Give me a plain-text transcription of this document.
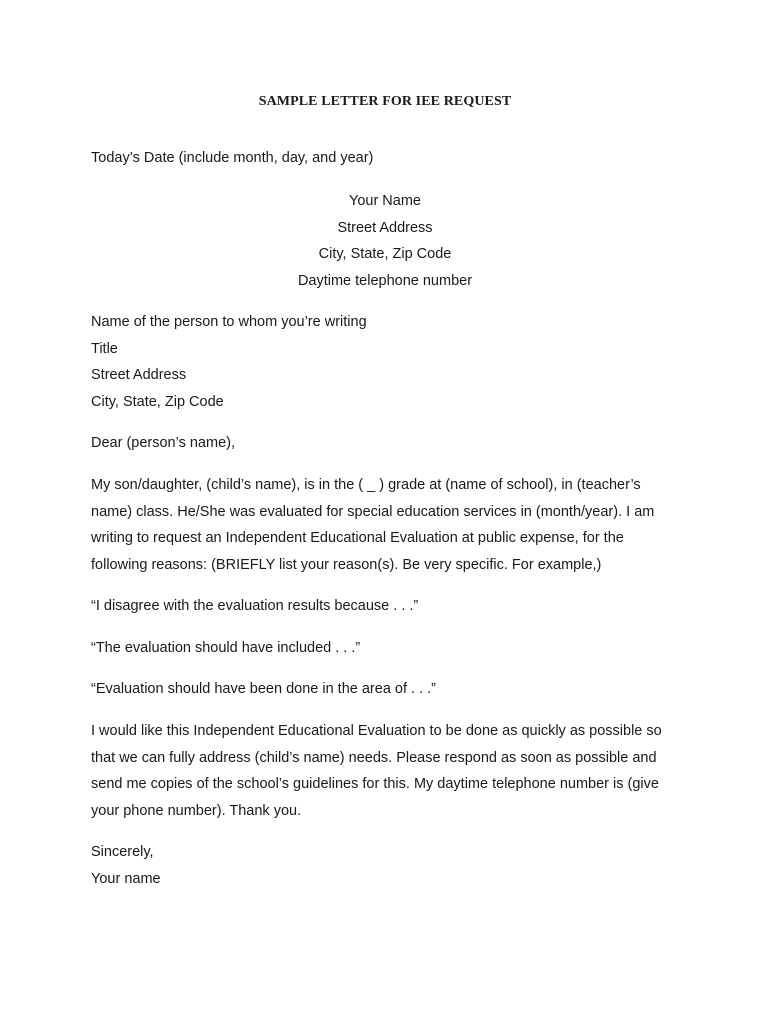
SAMPLE LETTER FOR IEE REQUEST

Today’s Date (include month, day, and year)

Your Name
Street Address
City, State, Zip Code
Daytime telephone number
Name of the person to whom you’re writing
Title
Street Address
City, State, Zip Code

Dear (person’s name),

My son/daughter, (child’s name), is in the ( _ ) grade at (name of school), in (teacher’s
name) class. He/She was evaluated for special education services in (month/year). I am
writing to request an Independent Educational Evaluation at public expense, for the
following reasons: (BRIEFLY list your reason(s). Be very specific. For example,)

“I disagree with the evaluation results because . . .”

“The evaluation should have included . . .”

“Evaluation should have been done in the area of . . .”

I would like this Independent Educational Evaluation to be done as quickly as possible so
that we can fully address (child’s name) needs. Please respond as soon as possible and
send me copies of the school’s guidelines for this. My daytime telephone number is (give
your phone number). Thank you.
Sincerely,
Your name
